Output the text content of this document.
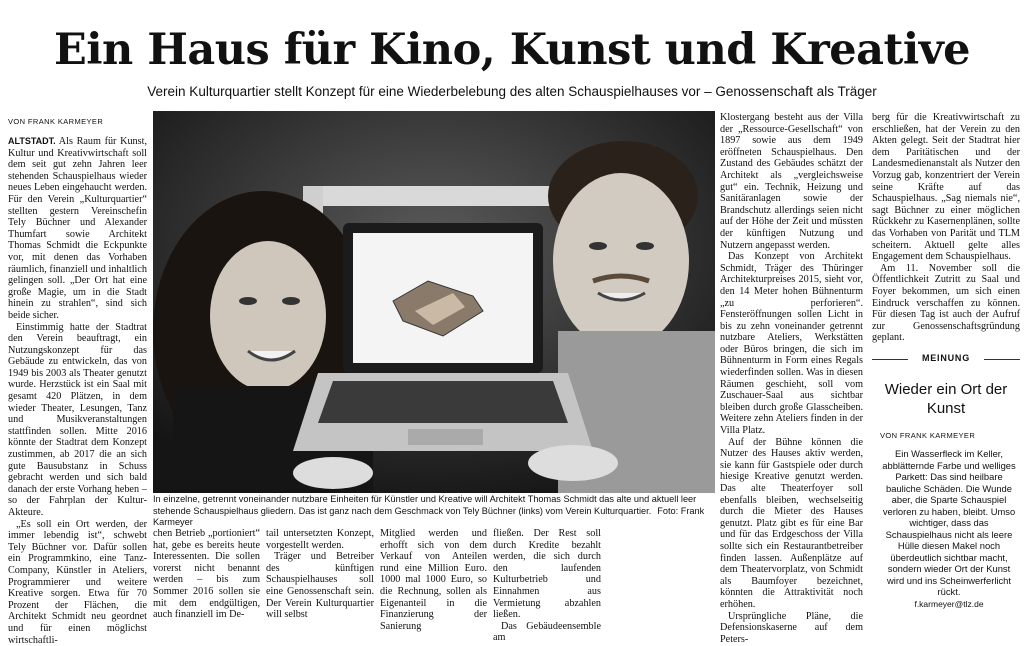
Ein Haus für Kino, Kunst und Kreative
Verein Kulturquartier stellt Konzept für eine Wiederbelebung des alten Schauspielhauses vor – Genossenschaft als Träger
VON FRANK KARMEYER

ALTSTADT. Als Raum für Kunst, Kultur und Kreativwirtschaft soll dem seit gut zehn Jahren leer stehenden Schauspielhaus wieder neues Leben eingehaucht werden. Für den Verein „Kulturquartier“ stellten gestern Vereinschefin Tely Büchner und Alexander Thumfart sowie Architekt Thomas Schmidt die Eckpunkte vor, mit denen das Vorhaben räumlich, finanziell und inhaltlich gelingen soll. „Der Ort hat eine große Magie, um in die Stadt hinein zu strahlen“, sind sich beide sicher.

Einstimmig hatte der Stadtrat den Verein beauftragt, ein Nutzungskonzept für das Gebäude zu entwickeln, das von 1949 bis 2003 als Theater genutzt wurde. Herzstück ist ein Saal mit gesamt 420 Plätzen, in dem wieder Theater, Lesungen, Tanz und Musikveranstaltungen stattfinden sollen. Mitte 2016 könnte der Stadtrat dem Konzept zustimmen, ab 2017 die an sich gute Bausubstanz in Schuss gebracht werden und sich bald danach der erste Vorhang heben – so der Fahrplan der Kultur-Akteure.

„Es soll ein Ort werden, der immer lebendig ist“, schwebt Tely Büchner vor. Dafür sollen ein Programmkino, eine Tanz-Company, Künstler in Ateliers, Programmierer und weitere Kreative sorgen. Etwa für 70 Prozent der Flächen, die Architekt Schmidt neu geordnet und für einen möglichst wirtschaftli-

In einzelne, getrennt voneinander nutzbare Einheiten für Künstler und Kreative will Architekt Thomas Schmidt das alte und aktuell leer stehende Schauspielhaus gliedern. Das ist ganz nach dem Geschmack von Tely Büchner (links) vom Verein Kulturquartier. Foto: Frank Karmeyer

chen Betrieb „portioniert“ hat, gebe es bereits heute Interessenten. Die sollen vorerst nicht benannt werden – bis zum Sommer 2016 sollen sie mit dem endgültigen, auch finanziell im De-

tail untersetzten Konzept, vorgestellt werden.

Träger und Betreiber des künftigen Schauspielhauses soll eine Genossenschaft sein. Der Verein Kulturquartier will selbst

Mitglied werden und erhofft sich von dem Verkauf von Anteilen rund eine Million Euro. 1000 mal 1000 Euro, so die Rechnung, sollen als Eigenanteil in die Finanzierung der Sanierung

fließen. Der Rest soll durch Kredite bezahlt werden, die sich durch den laufenden Kulturbetrieb und Einnahmen aus Vermietung abzahlen ließen.

Das Gebäudeensemble am

Klostergang besteht aus der Villa der „Ressource-Gesellschaft“ von 1897 sowie aus dem 1949 eröffneten Schauspielhaus. Den Zustand des Gebäudes schätzt der Architekt als „vergleichsweise gut“ ein. Technik, Heizung und Sanitäranlagen sowie der Brandschutz allerdings seien nicht auf der Höhe der Zeit und müssten der künftigen Nutzung und Nutzern angepasst werden.

Das Konzept von Architekt Schmidt, Träger des Thüringer Architekturpreises 2015, sieht vor, den 14 Meter hohen Bühnenturm „zu perforieren“. Fensteröffnungen sollen Licht in bis zu zehn voneinander getrennt nutzbare Ateliers, Werkstätten oder Büros bringen, die sich im Bühnenturm in Form eines Regals wiederfinden sollen. Was in diesen Räumen geschieht, soll vom Zuschauer-Saal aus sichtbar bleiben durch große Glasscheiben. Weitere zehn Ateliers finden in der Villa Platz.

Auf der Bühne können die Nutzer des Hauses aktiv werden, sie kann für Gastspiele oder durch hiesige Kreative genutzt werden. Das alte Theaterfoyer soll ebenfalls bleiben, wechselseitig durch die Mieter des Hauses genutzt. Platz gibt es für eine Bar und für das Erdgeschoss der Villa sollte sich ein Restaurantbetreiber finden lassen. Außenplätze auf dem Theatervorplatz, von Schmidt als Baumfoyer bezeichnet, könnten die Attraktivität noch erhöhen.

Ursprüngliche Pläne, die Defensionskaserne auf dem Peters-

berg für die Kreativwirtschaft zu erschließen, hat der Verein zu den Akten gelegt. Seit der Stadtrat hier dem Paritätischen und der Landesmedienanstalt als Nutzer den Vorzug gab, konzentriert der Verein seine Kräfte auf das Schauspielhaus. „Sag niemals nie“, sagt Büchner zu einer möglichen Rückkehr zu Kasernenplänen, sollte das Vorhaben von Parität und TLM scheitern. Aktuell gelte alles Engagement dem Schauspielhaus.

Am 11. November soll die Öffentlichkeit Zutritt zu Saal und Foyer bekommen, um sich einen Eindruck verschaffen zu können. Für diesen Tag ist auch der Aufruf zur Genossenschaftsgründung geplant.

MEINUNG
Wieder ein Ort der Kunst
VON FRANK KARMEYER
Ein Wasserfleck im Keller, abblätternde Farbe und welliges Parkett: Das sind heilbare bauliche Schäden. Die Wunde aber, die Sparte Schauspiel verloren zu haben, bleibt. Umso wichtiger, dass das Schauspielhaus nicht als leere Hülle diesen Makel noch überdeutlich sichtbar macht, sondern wieder Ort der Kunst wird und ins Scheinwerferlicht rückt.
f.karmeyer@tlz.de
